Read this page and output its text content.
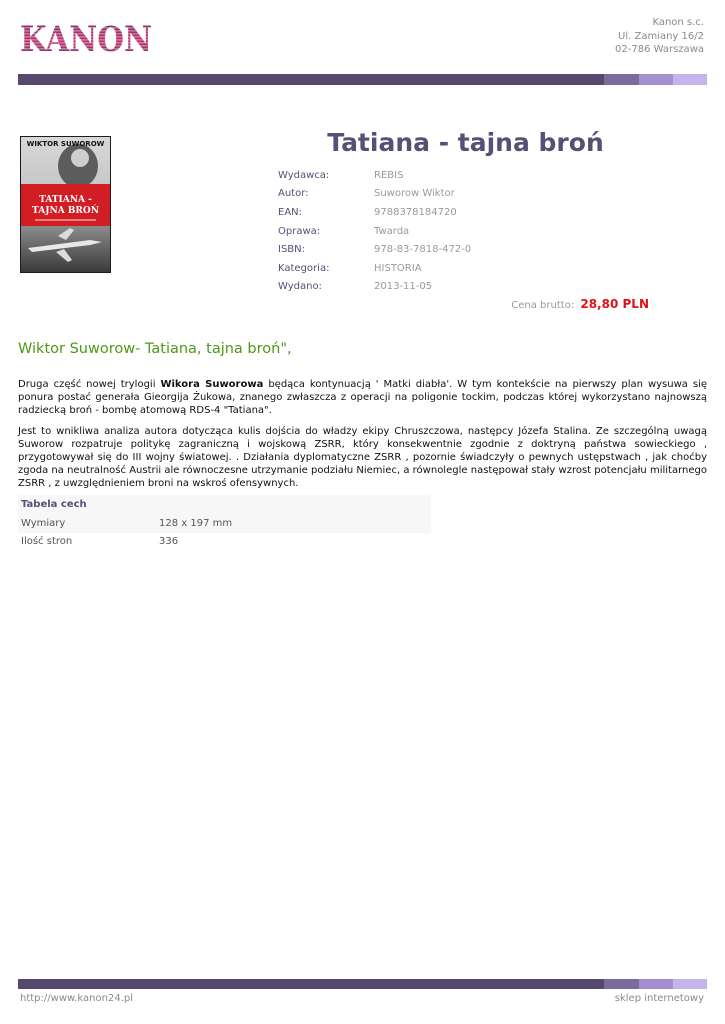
KANON
KANON	Kanon s.c.
Ul. Zamiany 16/2
02-786 Warszawa
WIKTOR SUWOROW
TATIANA -
TAJNA BROŃ
Tatiana - tajna broń
Wydawca:	REBIS
Autor:	Suworow Wiktor
EAN:	9788378184720
Oprawa:	Twarda
ISBN:	978-83-7818-472-0
Kategoria:	HISTORIA
Wydano:	2013-11-05
Cena brutto: 28,80 PLN
Wiktor Suworow- Tatiana, tajna broń",

Druga część nowej trylogii Wikora Suworowa będąca kontynuacją ' Matki diabła'. W tym kontekście na pierwszy plan wysuwa się ponura postać generała Gieorgija Żukowa, znanego zwłaszcza z operacji na poligonie tockim, podczas której wykorzystano najnowszą radziecką broń - bombę atomową RDS-4 "Tatiana".

Jest to wnikliwa analiza autora dotycząca kulis dojścia do władzy ekipy Chruszczowa, następcy Józefa Stalina. Ze szczególną uwagą Suworow rozpatruje politykę zagraniczną i wojskową ZSRR, który konsekwentnie zgodnie z doktryną państwa sowieckiego , przygotowywał się do III wojny światowej. . Działania dyplomatyczne ZSRR , pozornie świadczyły o pewnych ustępstwach , jak choćby zgoda na neutralność Austrii ale równoczesne utrzymanie podziału Niemiec, a równolegle następował stały wzrost potencjału militarnego ZSRR , z uwzględnieniem broni na wskroś ofensywnych.

Tabela cech
Wymiary	128 x 197 mm
Ilość stron	336
http://www.kanon24.pl	sklep internetowy
